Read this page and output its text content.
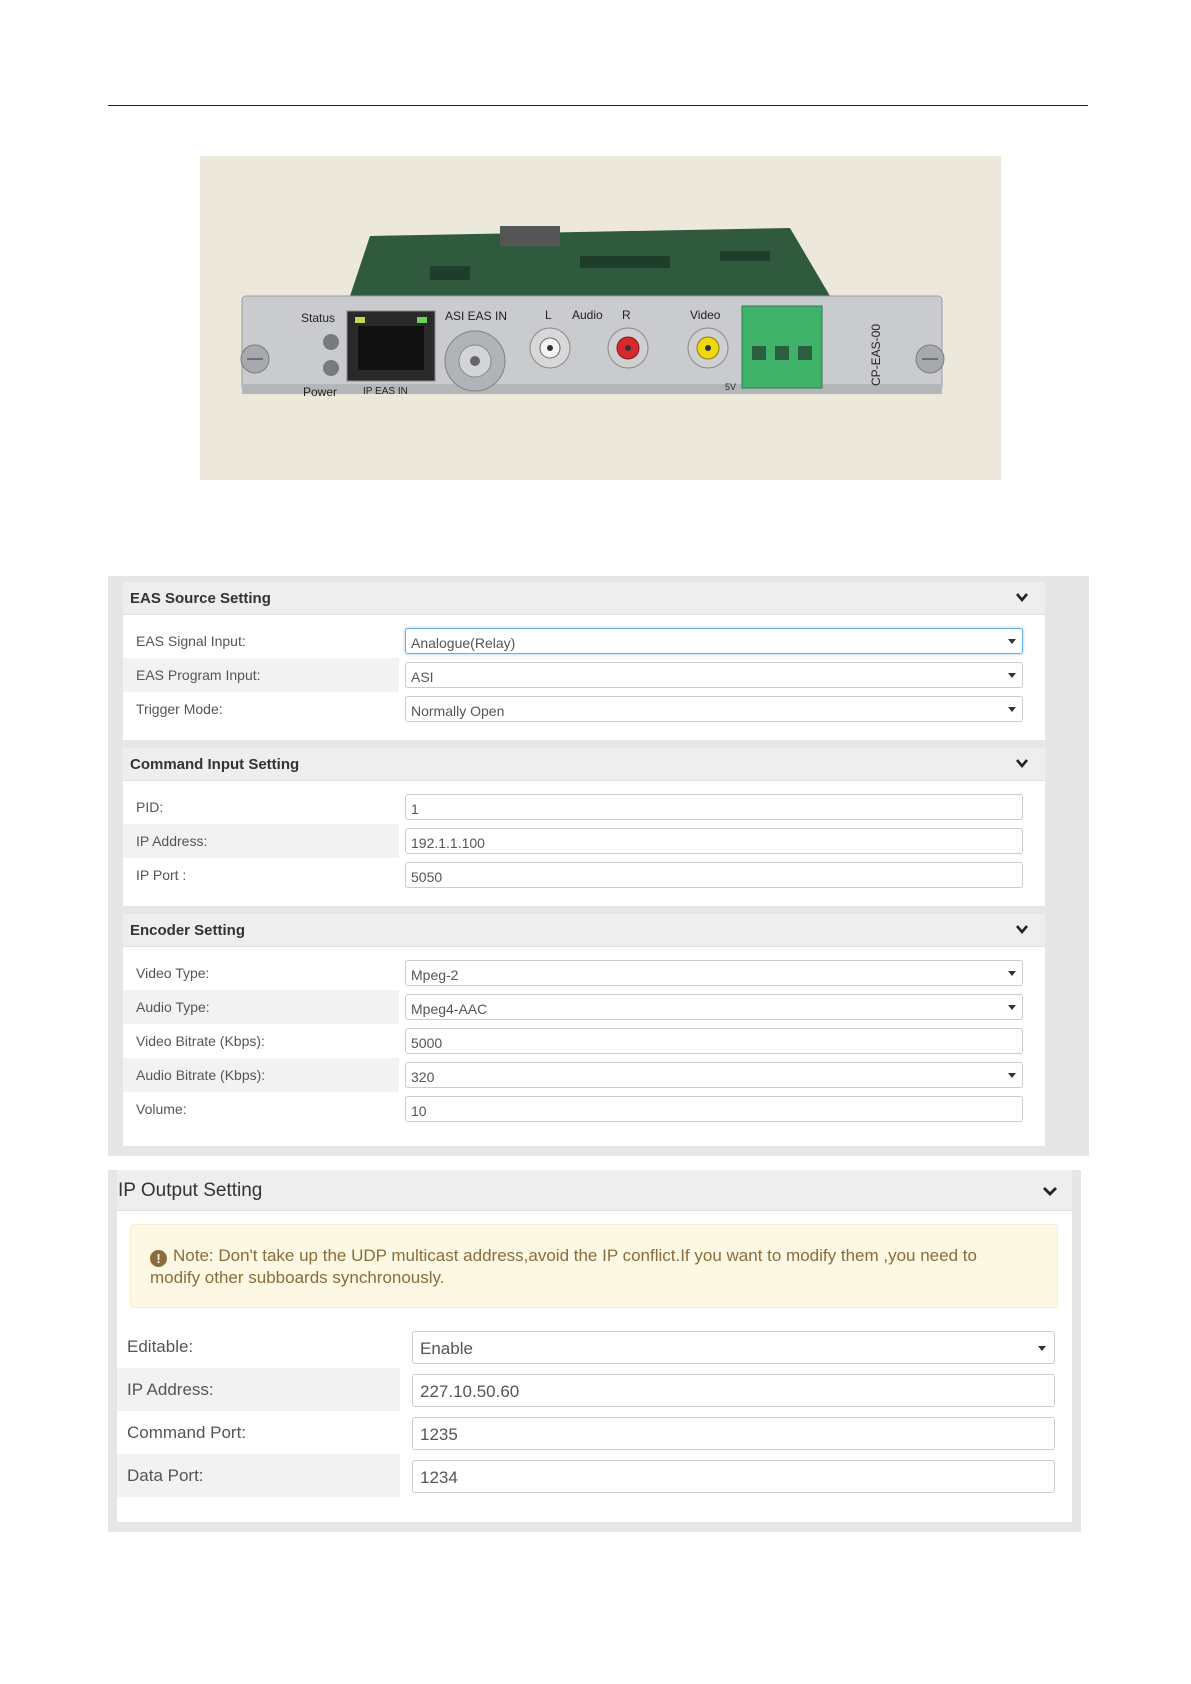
Status
Power	IP EAS IN
ASI EAS IN	L Audio R	Video
5V
CP-EAS-00
EAS Source Setting
EAS Signal Input:	Analogue(Relay)
EAS Program Input:	ASI
Trigger Mode:	Normally Open
Command Input Setting
PID:	1
IP Address:	192.1.1.100
IP Port :	5050
Encoder Setting
Video Type:	Mpeg-2
Audio Type:	Mpeg4-AAC
Video Bitrate (Kbps):	5000
Audio Bitrate (Kbps):	320
Volume:	10
IP Output Setting
! Note: Don't take up the UDP multicast address,avoid the IP conflict.If you want to modify them ,you need to
modify other subboards synchronously.
Editable:	Enable
IP Address:	227.10.50.60
Command Port:	1235
Data Port:	1234
